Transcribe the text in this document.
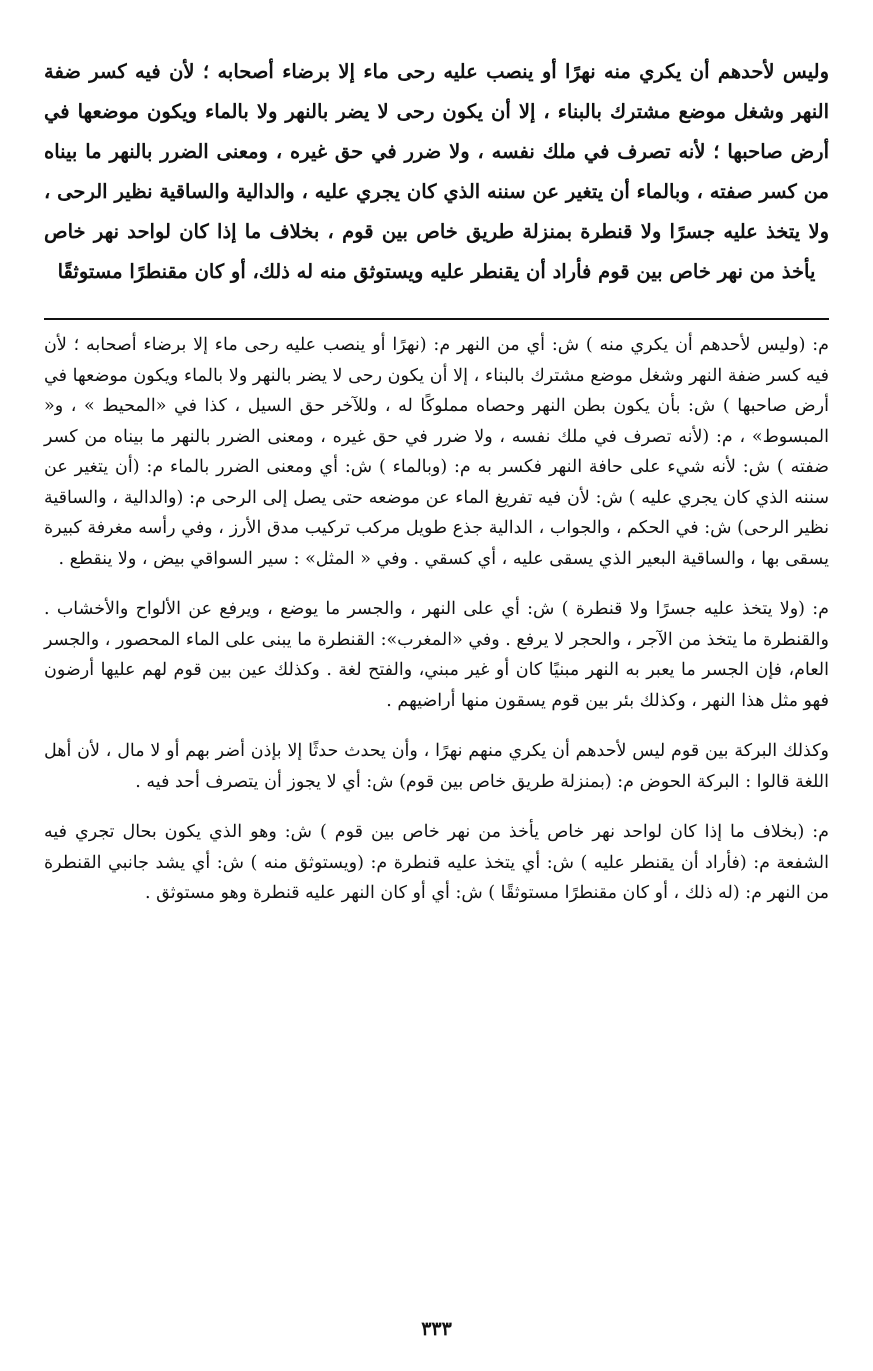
وليس لأحدهم أن يكري منه نهرًا أو ينصب عليه رحى ماء إلا برضاء أصحابه ؛ لأن فيه كسر ضفة النهر وشغل موضع مشترك بالبناء ، إلا أن يكون رحى لا يضر بالنهر ولا بالماء ويكون موضعها في أرض صاحبها ؛ لأنه تصرف في ملك نفسه ، ولا ضرر في حق غيره ، ومعنى الضرر بالنهر ما بيناه من كسر صفته ، وبالماء أن يتغير عن سننه الذي كان يجري عليه ، والدالية والساقية نظير الرحى ، ولا يتخذ عليه جسرًا ولا قنطرة بمنزلة طريق خاص بين قوم ، بخلاف ما إذا كان لواحد نهر خاص يأخذ من نهر خاص بين قوم فأراد أن يقنطر عليه ويستوثق منه له ذلك، أو كان مقنطرًا مستوثقًا

م: (وليس لأحدهم أن يكري منه ) ش: أي من النهر م: (نهرًا أو ينصب عليه رحى ماء إلا برضاء أصحابه ؛ لأن فيه كسر ضفة النهر وشغل موضع مشترك بالبناء ، إلا أن يكون رحى لا يضر بالنهر ولا بالماء ويكون موضعها في أرض صاحبها ) ش: بأن يكون بطن النهر وحصاه مملوكًا له ، وللآخر حق السيل ، كذا في «المحيط » ، و« المبسوط» ، م: (لأنه تصرف في ملك نفسه ، ولا ضرر في حق غيره ، ومعنى الضرر بالنهر ما بيناه من كسر ضفته ) ش: لأنه شيء على حافة النهر فكسر به م: (وبالماء ) ش: أي ومعنى الضرر بالماء م: (أن يتغير عن سننه الذي كان يجري عليه ) ش: لأن فيه تفريغ الماء عن موضعه حتى يصل إلى الرحى م: (والدالية ، والساقية نظير الرحى) ش: في الحكم ، والجواب ، الدالية جذع طويل مركب تركيب مدق الأرز ، وفي رأسه مغرفة كبيرة يسقى بها ، والساقية البعير الذي يسقى عليه ، أي كسقي . وفي « المثل» : سير السواقي بيض ، ولا ينقطع .

م: (ولا يتخذ عليه جسرًا ولا قنطرة ) ش: أي على النهر ، والجسر ما يوضع ، ويرفع عن الألواح والأخشاب . والقنطرة ما يتخذ من الآجر ، والحجر لا يرفع . وفي «المغرب»: القنطرة ما يبنى على الماء المحصور ، والجسر العام، فإن الجسر ما يعبر به النهر مبنيًا كان أو غير مبني، والفتح لغة . وكذلك عين بين قوم لهم عليها أرضون فهو مثل هذا النهر ، وكذلك بئر بين قوم يسقون منها أراضيهم .

وكذلك البركة بين قوم ليس لأحدهم أن يكري منهم نهرًا ، وأن يحدث حدثًا إلا بإذن أضر بهم أو لا مال ، لأن أهل اللغة قالوا : البركة الحوض م: (بمنزلة طريق خاص بين قوم) ش: أي لا يجوز أن يتصرف أحد فيه .

م: (بخلاف ما إذا كان لواحد نهر خاص يأخذ من نهر خاص بين قوم ) ش: وهو الذي يكون بحال تجري فيه الشفعة م: (فأراد أن يقنطر عليه ) ش: أي يتخذ عليه قنطرة م: (ويستوثق منه ) ش: أي يشد جانبي القنطرة من النهر م: (له ذلك ، أو كان مقنطرًا مستوثقًا ) ش: أي أو كان النهر عليه قنطرة وهو مستوثق .

٣٣٣
